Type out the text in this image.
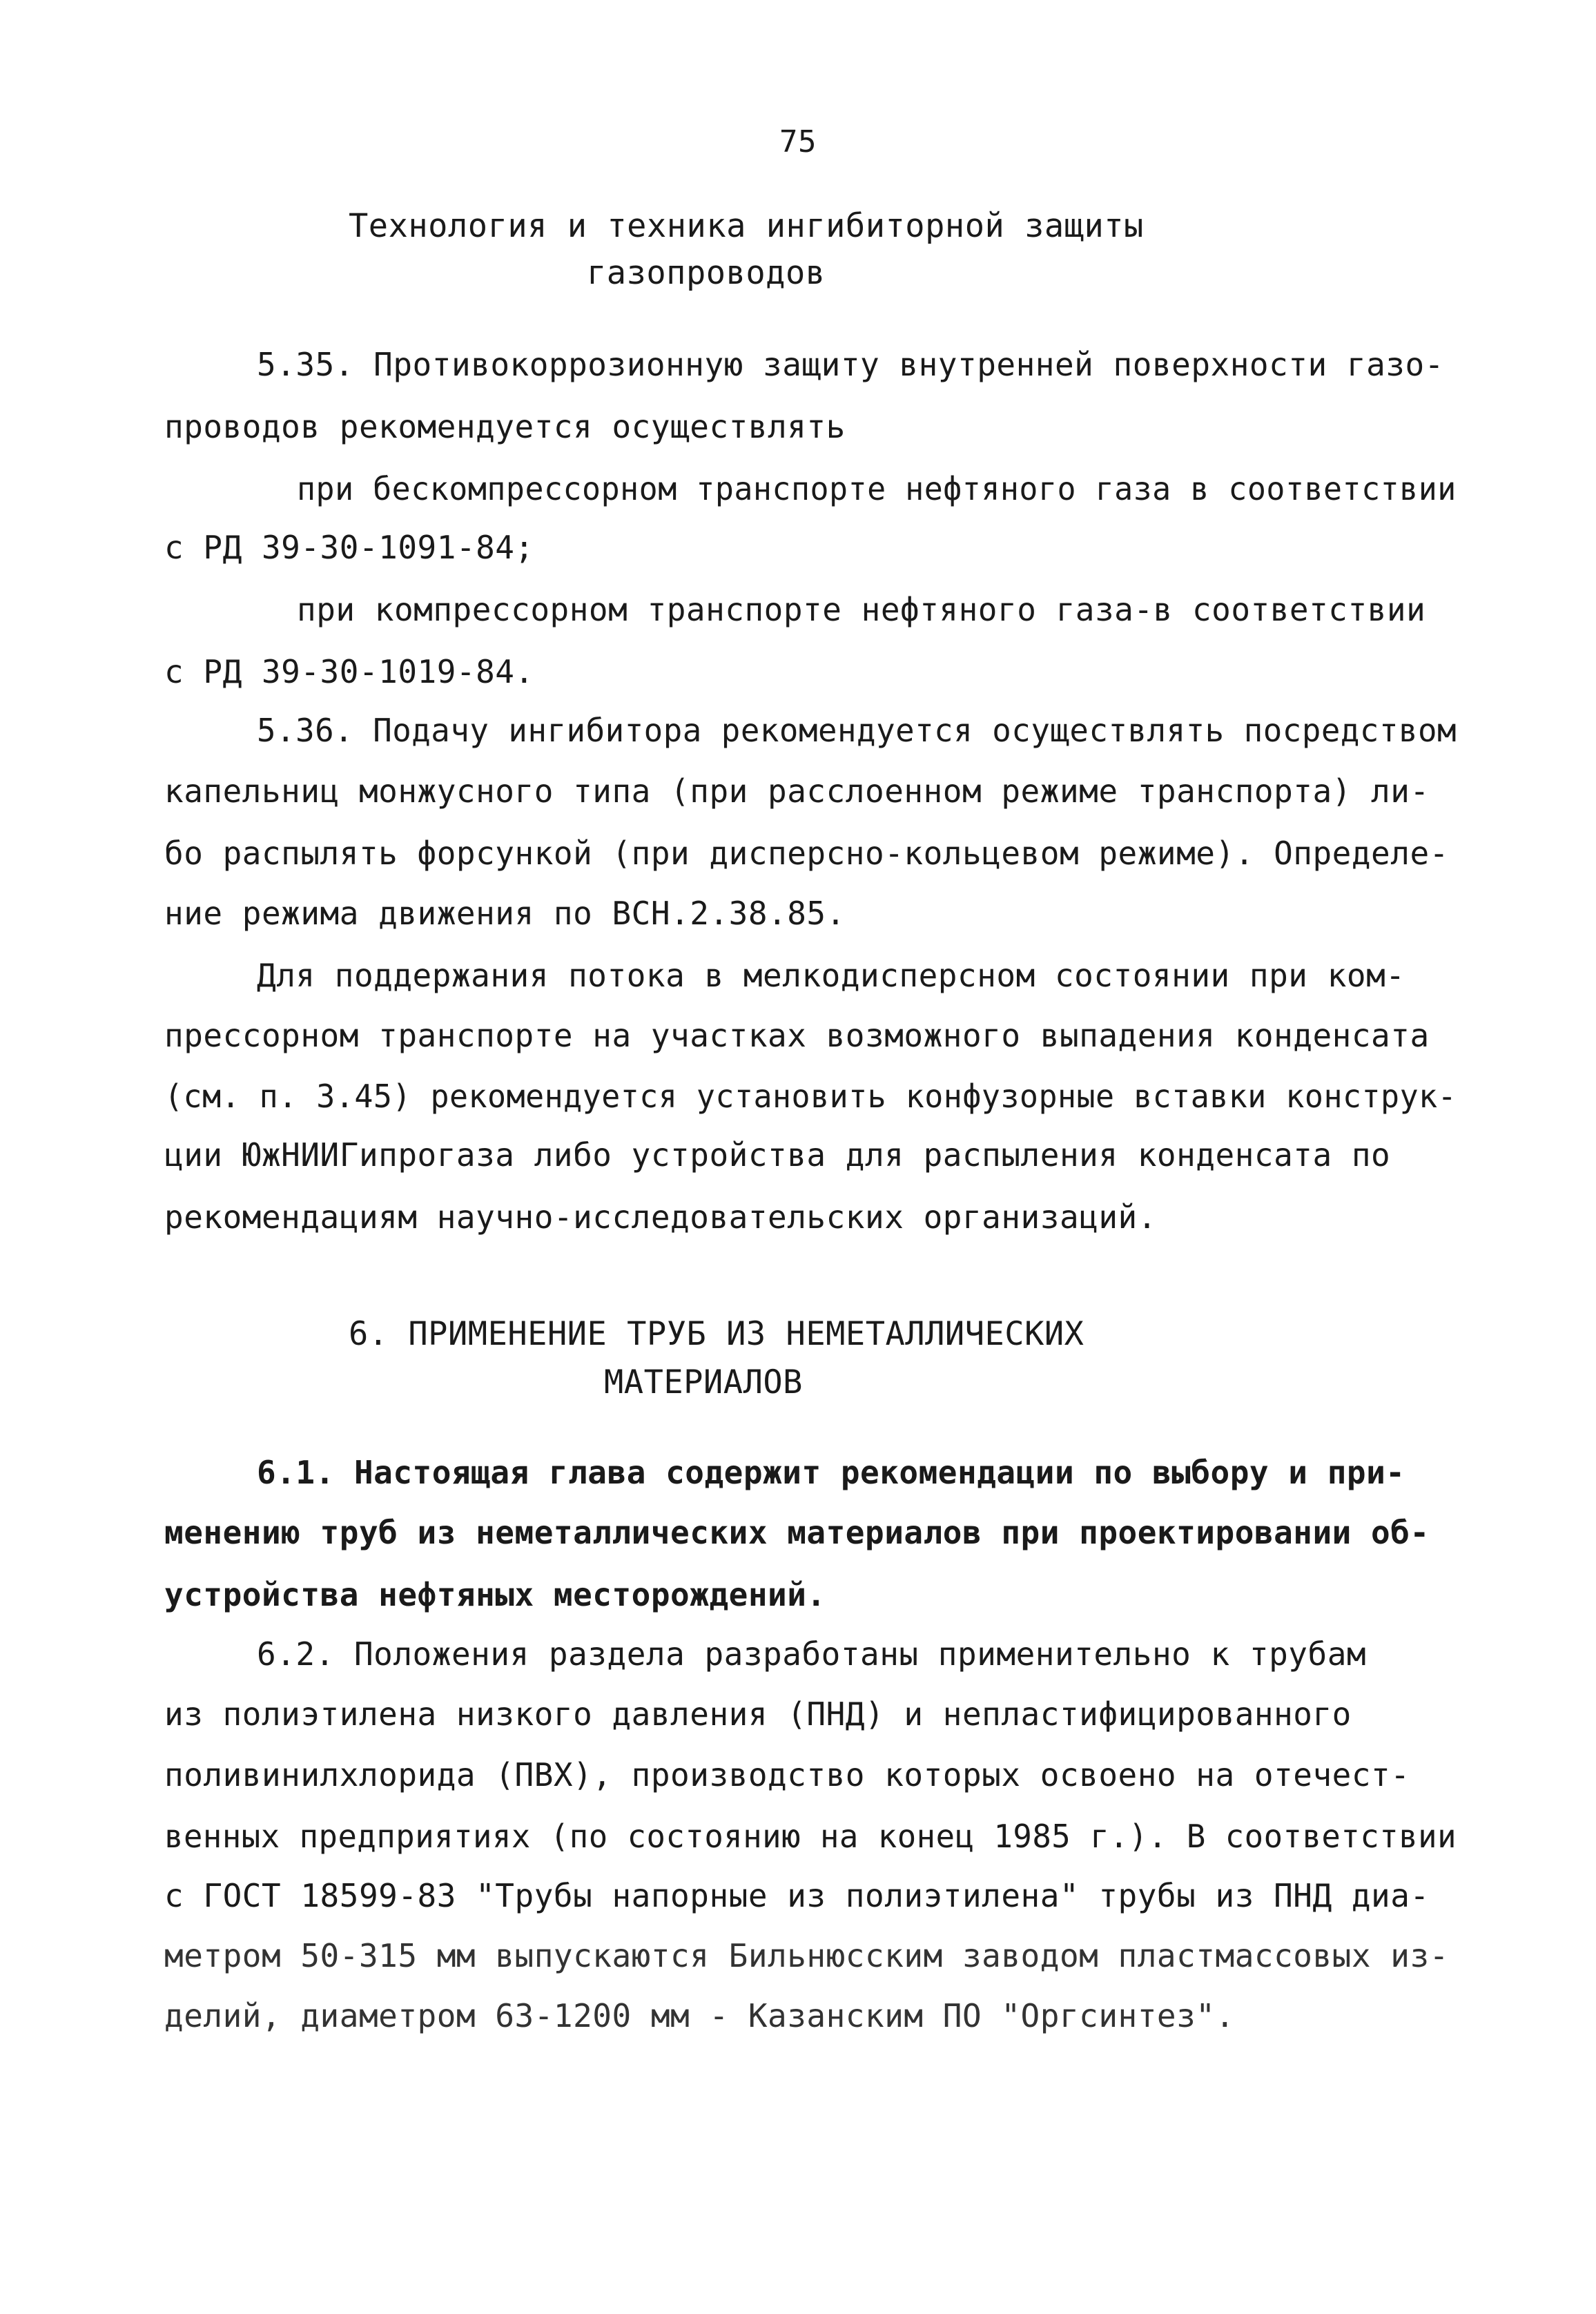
75
Технология и техника ингибиторной защиты
газопроводов
5.35. Противокоррозионную защиту внутренней поверхности газо-
проводов рекомендуется осуществлять
при бескомпрессорном транспорте нефтяного газа в соответствии
с РД 39-30-1091-84;
при компрессорном транспорте нефтяного газа-в соответствии
с РД 39-30-1019-84.
5.36. Подачу ингибитора рекомендуется осуществлять посредством
капельниц монжусного типа (при расслоенном режиме транспорта) ли-
бо распылять форсункой (при дисперсно-кольцевом режиме). Определе-
ние режима движения по ВСН.2.38.85.
Для поддержания потока в мелкодисперсном состоянии при ком-
прессорном транспорте на участках возможного выпадения конденсата
(см. п. 3.45) рекомендуется установить конфузорные вставки конструк-
ции ЮжНИИГипрогаза либо устройства для распыления конденсата по
рекомендациям научно-исследовательских организаций.
6. ПРИМЕНЕНИЕ ТРУБ ИЗ НЕМЕТАЛЛИЧЕСКИХ
МАТЕРИАЛОВ
6.1. Настоящая глава содержит рекомендации по выбору и при-
менению труб из неметаллических материалов при проектировании об-
устройства нефтяных месторождений.
6.2. Положения раздела разработаны применительно к трубам
из полиэтилена низкого давления (ПНД) и непластифицированного
поливинилхлорида (ПВХ), производство которых освоено на отечест-
венных предприятиях (по состоянию на конец 1985 г.). В соответствии
с ГОСТ 18599-83 "Трубы напорные из полиэтилена" трубы из ПНД диа-
метром 50-315 мм выпускаются Бильнюсским заводом пластмассовых из-
делий, диаметром 63-1200 мм - Казанским ПО "Оргсинтез".
